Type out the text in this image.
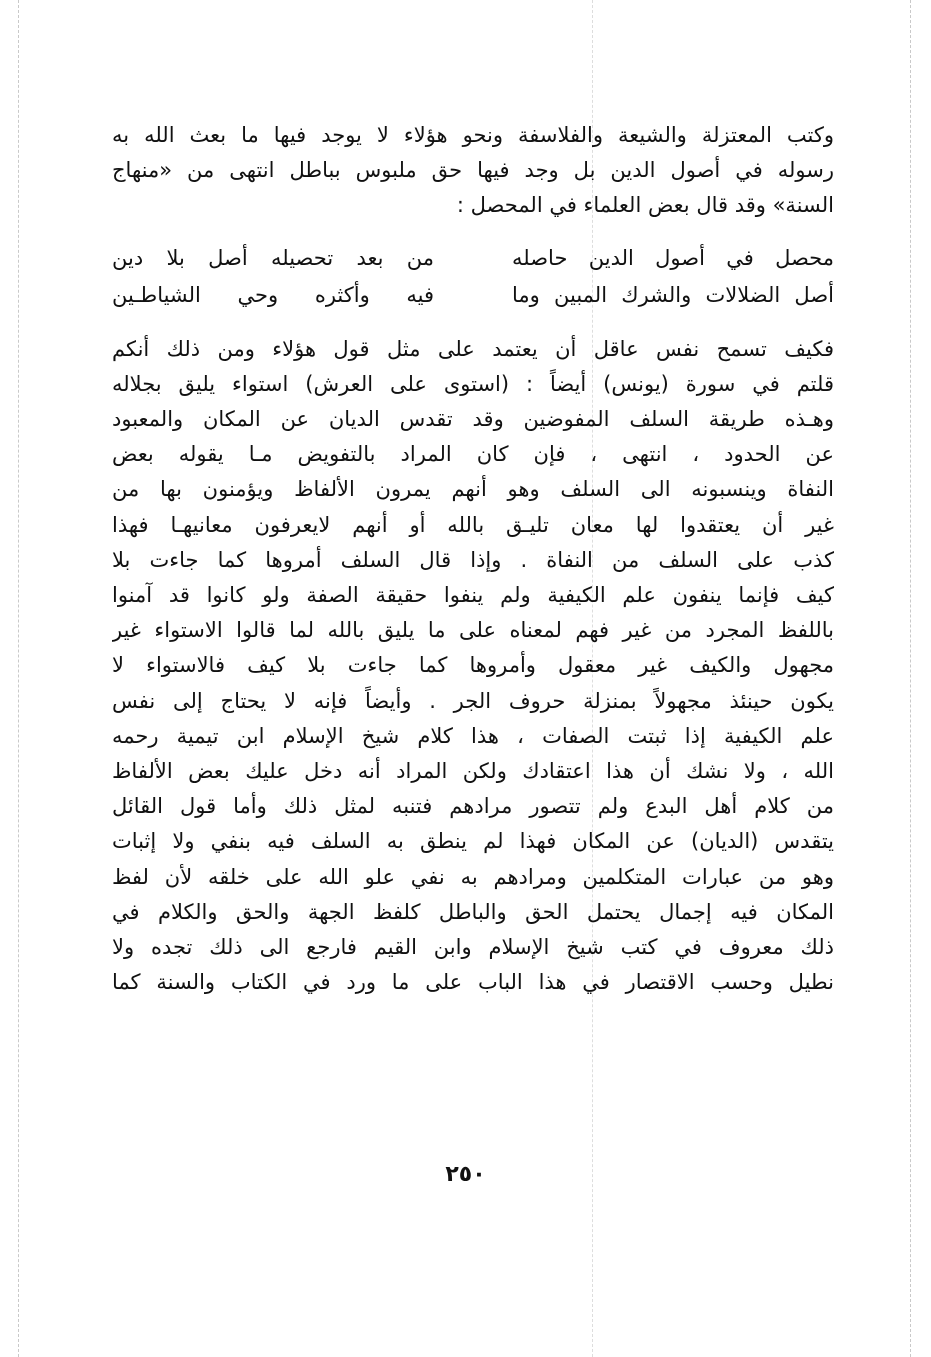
وكتب المعتزلة والشيعة والفلاسفة ونحو هؤلاء لا يوجد فيها ما بعث الله به
رسوله في أصول الدين بل وجد فيها حق ملبوس بباطل انتهى من «منهاج
السنة» وقد قال بعض العلماء في المحصل :
محصل في أصول الدين حاصله
من بعد تحصيله أصل بلا دين
أصل الضلالات والشرك المبين وما
فيه وأكثره وحي الشياطـين
فكيف تسمح نفس عاقل أن يعتمد على مثل قول هؤلاء ومن ذلك أنكم
قلتم في سورة (يونس) أيضاً : (استوى على العرش) استواء يليق بجلاله
وهـذه طريقة السلف المفوضين وقد تقدس الديان عن المكان والمعبود
عن الحدود ، انتهى ، فإن كان المراد بالتفويض مـا يقوله بعض
النفاة وينسبونه الى السلف وهو أنهم يمرون الألفاظ ويؤمنون بها من
غير أن يعتقدوا لها معان تليـق بالله أو أنهم لايعرفون معانيهـا فهذا
كذب على السلف من النفاة . وإذا قال السلف أمروها كما جاءت بلا
كيف فإنما ينفون علم الكيفية ولم ينفوا حقيقة الصفة ولو كانوا قد آمنوا
باللفظ المجرد من غير فهم لمعناه على ما يليق بالله لما قالوا الاستواء غير
مجهول والكيف غير معقول وأمروها كما جاءت بلا كيف فالاستواء لا
يكون حينئذ مجهولاً بمنزلة حروف الجر . وأيضاً فإنه لا يحتاج إلى نفس
علم الكيفية إذا ثبتت الصفات ، هذا كلام شيخ الإسلام ابن تيمية رحمه
الله ، ولا نشك أن هذا اعتقادك ولكن المراد أنه دخل عليك بعض الألفاظ
من كلام أهل البدع ولم تتصور مرادهم فتنبه لمثل ذلك وأما قول القائل
يتقدس (الديان) عن المكان فهذا لم ينطق به السلف فيه بنفي ولا إثبات
وهو من عبارات المتكلمين ومرادهم به نفي علو الله على خلقه لأن لفظ
المكان فيه إجمال يحتمل الحق والباطل كلفظ الجهة والحق والكلام في
ذلك معروف في كتب شيخ الإسلام وابن القيم فارجع الى ذلك تجده ولا
نطيل وحسب الاقتصار في هذا الباب على ما ورد في الكتاب والسنة كما
٢٥٠
